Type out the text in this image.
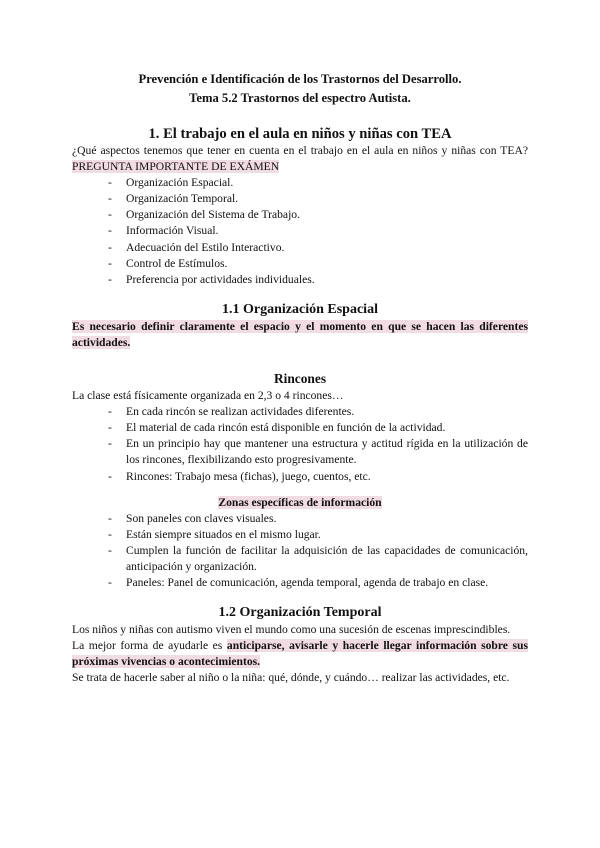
Prevención e Identificación de los Trastornos del Desarrollo.
Tema 5.2 Trastornos del espectro Autista.
1. El trabajo en el aula en niños y niñas con TEA

¿Qué aspectos tenemos que tener en cuenta en el trabajo en el aula en niños y niñas con TEA? PREGUNTA IMPORTANTE DE EXÁMEN

- Organización Espacial.
- Organización Temporal.
- Organización del Sistema de Trabajo.
- Información Visual.
- Adecuación del Estilo Interactivo.
- Control de Estímulos.
- Preferencia por actividades individuales.
1.1 Organización Espacial

Es necesario definir claramente el espacio y el momento en que se hacen las diferentes actividades.

Rincones

La clase está físicamente organizada en 2,3 o 4 rincones…

- En cada rincón se realizan actividades diferentes.
- El material de cada rincón está disponible en función de la actividad.
- En un principio hay que mantener una estructura y actitud rígida en la utilización de los rincones, flexibilizando esto progresivamente.
- Rincones: Trabajo mesa (fichas), juego, cuentos, etc.
Zonas específicas de información
- Son paneles con claves visuales.
- Están siempre situados en el mismo lugar.
- Cumplen la función de facilitar la adquisición de las capacidades de comunicación, anticipación y organización.
- Paneles: Panel de comunicación, agenda temporal, agenda de trabajo en clase.
1.2 Organización Temporal

Los niños y niñas con autismo viven el mundo como una sucesión de escenas imprescindibles.

La mejor forma de ayudarle es anticiparse, avisarle y hacerle llegar información sobre sus próximas vivencias o acontecimientos.

Se trata de hacerle saber al niño o la niña: qué, dónde, y cuándo… realizar las actividades, etc.
